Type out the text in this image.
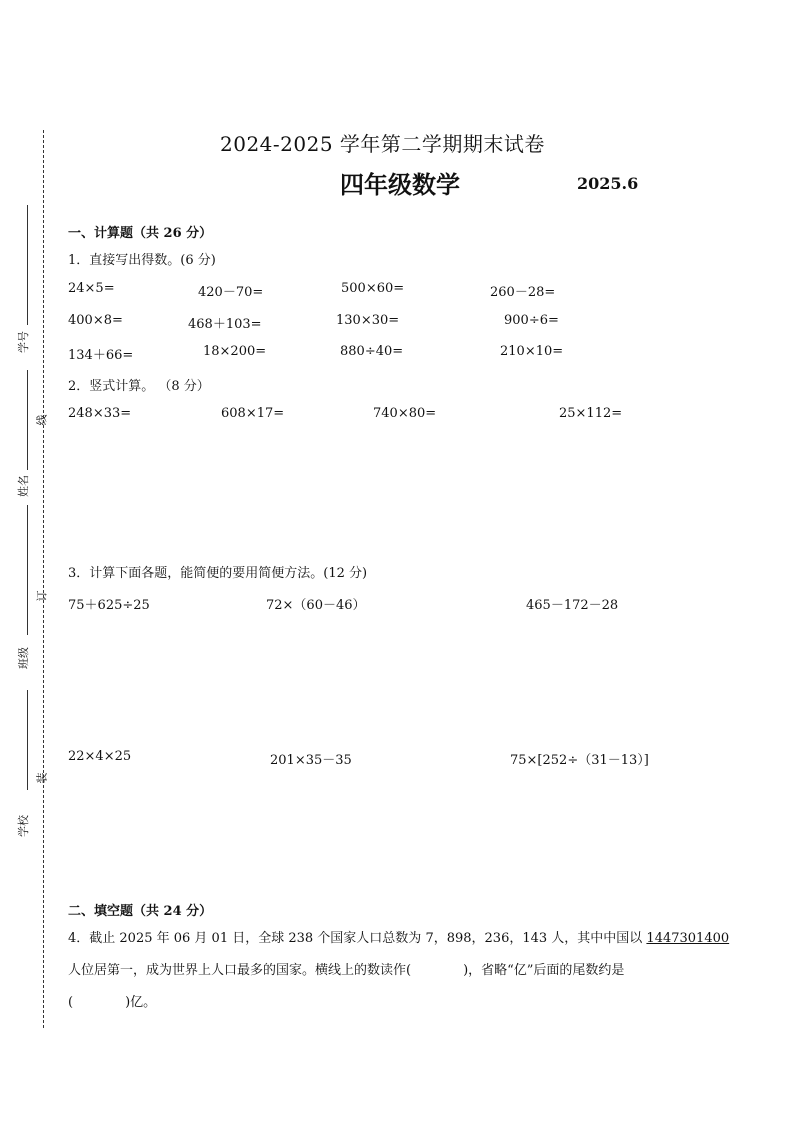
学号
姓名
班级
学校
线
订
装
2024-2025 学年第二学期期末试卷
四年级数学	2025.6
一、计算题（共 26 分）
1．直接写出得数。(6 分)
24×5=	420－70=	500×60=	260－28=
400×8=	468＋103=	130×30=	900÷6=
134＋66=	18×200=	880÷40=	210×10=
2．竖式计算。 （8 分）
248×33=	608×17=	740×80=	25×112=
3．计算下面各题，能简便的要用简便方法。(12 分)
75＋625÷25	72×（60－46）	465－172－28
22×4×25	201×35－35	75×[252÷（31－13）]
二、填空题（共 24 分）
4．截止 2025 年 06 月 01 日，全球 238 个国家人口总数为 7，898，236，143 人，其中中国以 1447301400
人位居第一，成为世界上人口最多的国家。横线上的数读作(　　　　)，省略“亿”后面的尾数约是
(　　　　)亿。
